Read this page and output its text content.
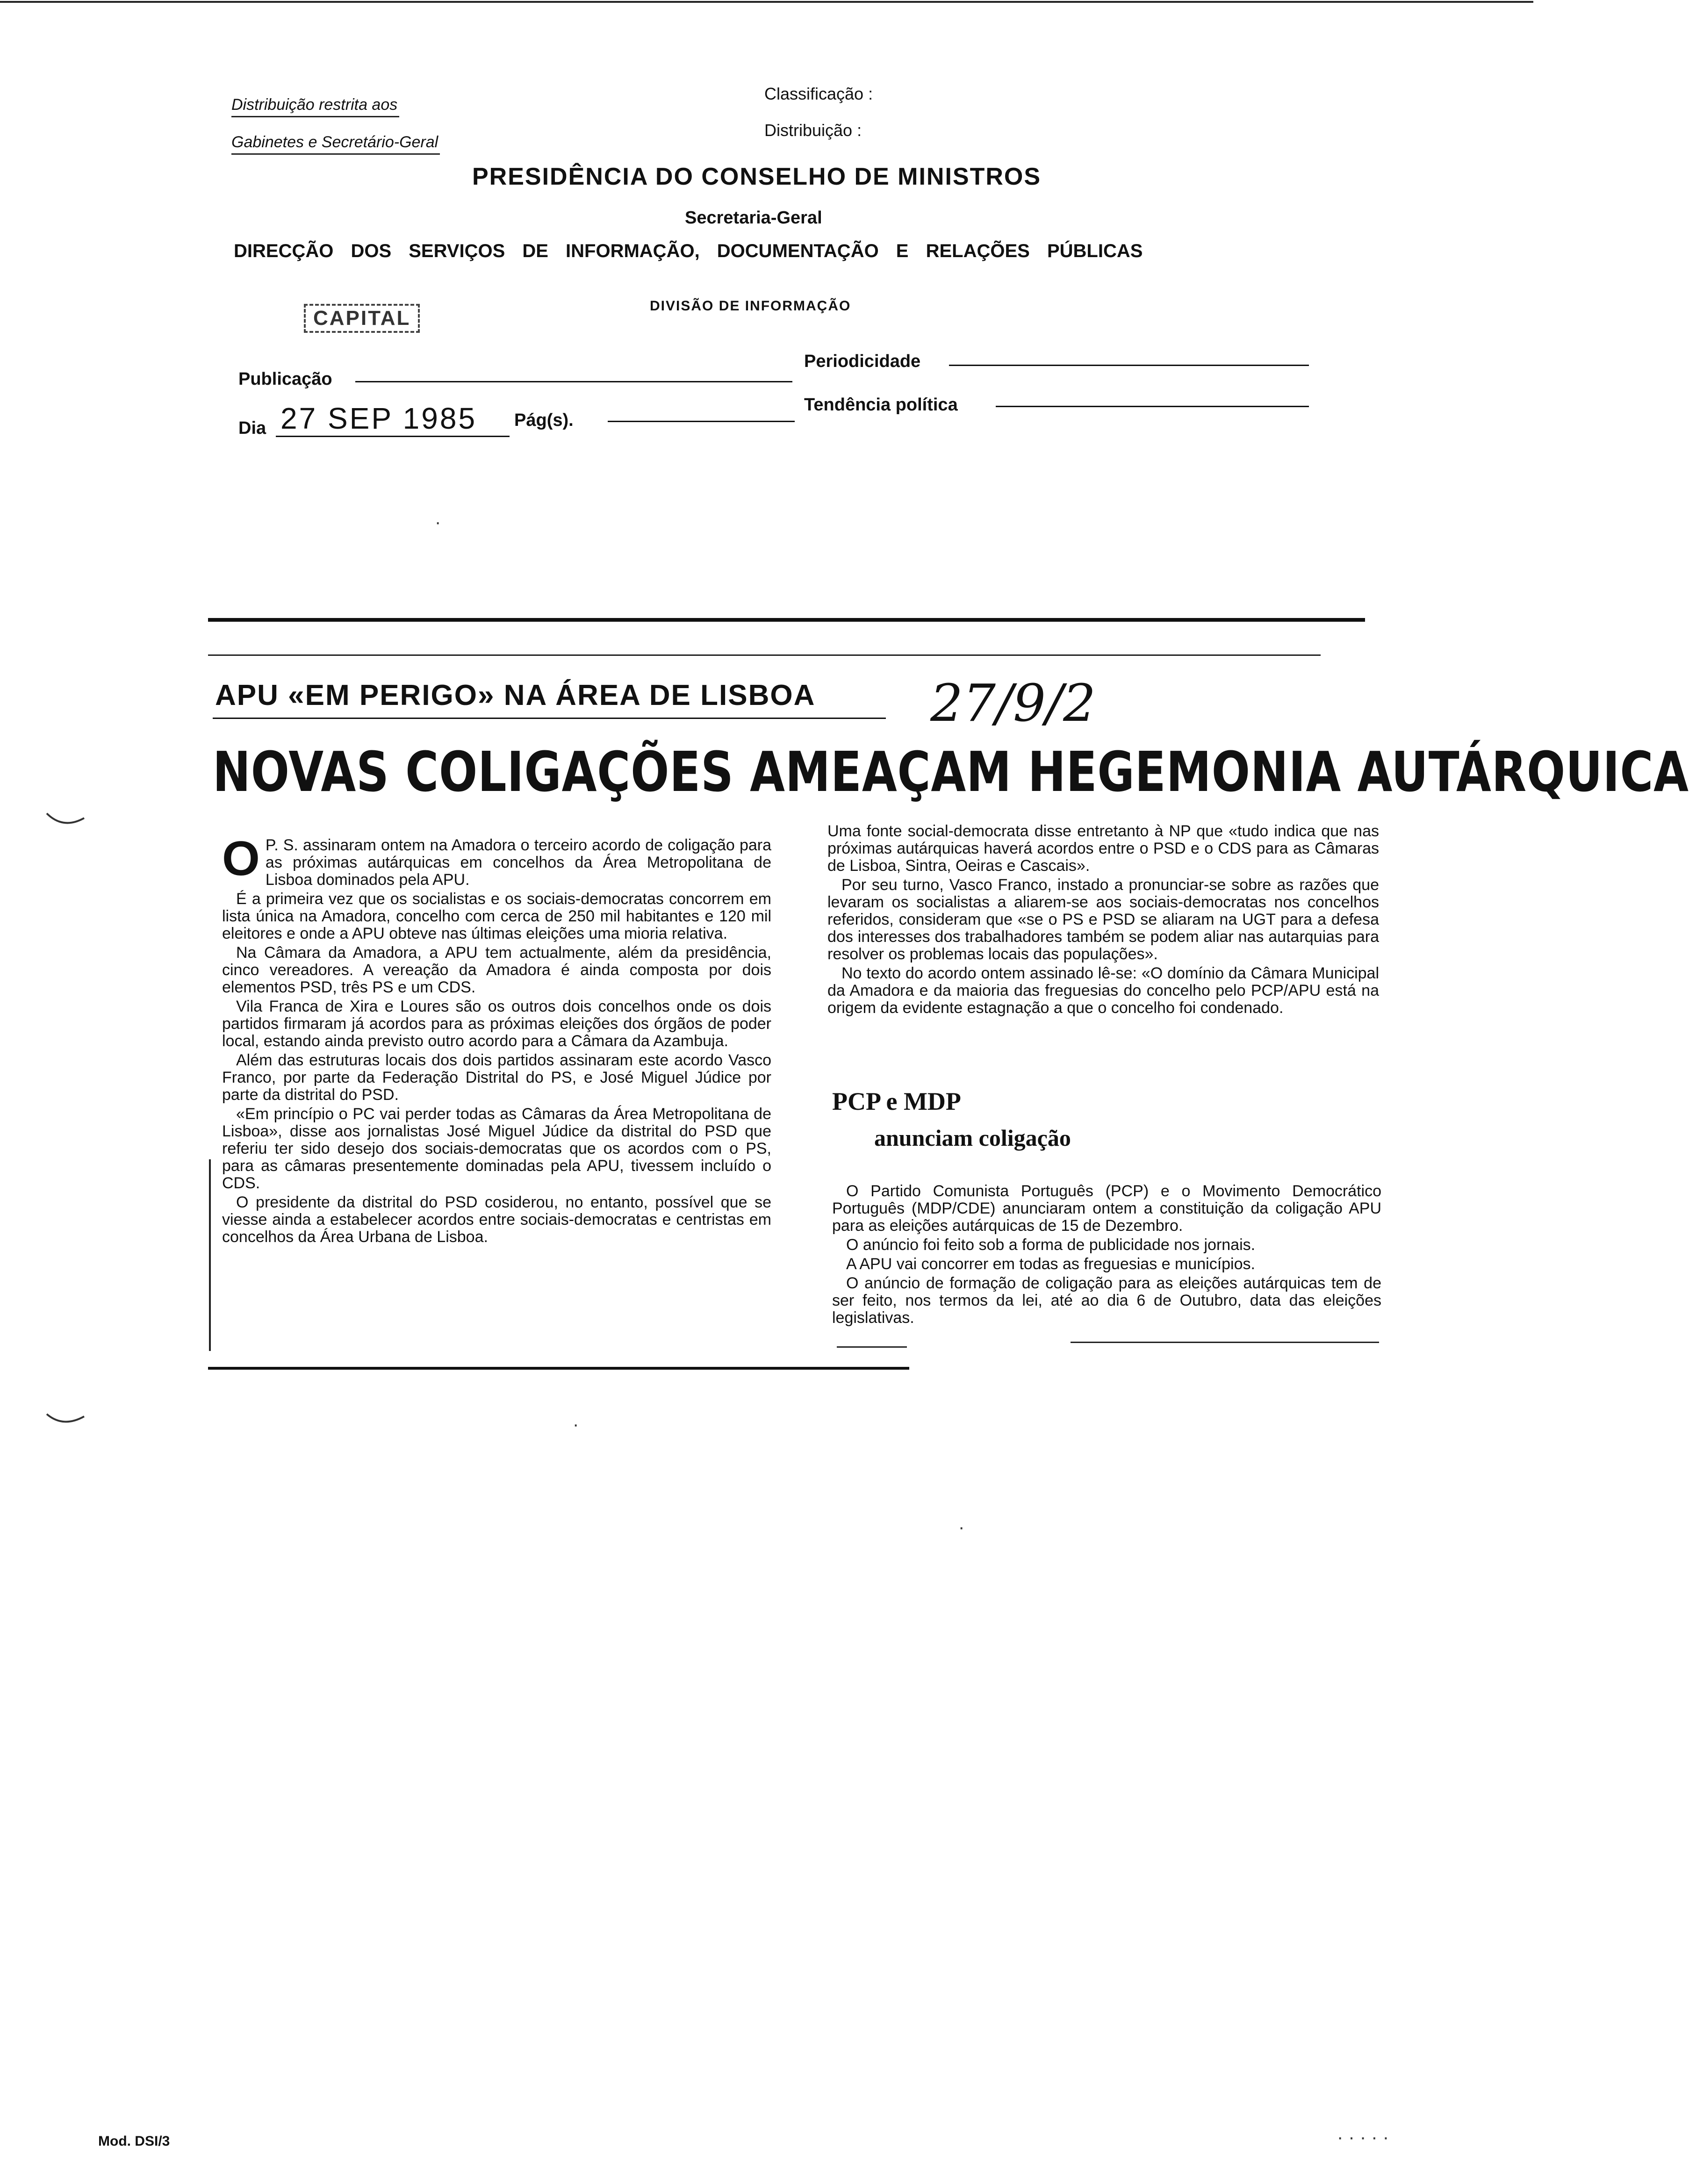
Distribuição restrita aos
Gabinetes e Secretário-Geral
Classificação :
Distribuição :
PRESIDÊNCIA DO CONSELHO DE MINISTROS
Secretaria-Geral
DIRECÇÃO DOS SERVIÇOS DE INFORMAÇÃO, DOCUMENTAÇÃO E RELAÇÕES PÚBLICAS
CAPITAL
DIVISÃO DE INFORMAÇÃO
Publicação
Periodicidade
Dia 27 SEP 1985 Pág(s).
Tendência política
·
APU «EM PERIGO» NA ÁREA DE LISBOA 27/9/2
NOVAS COLIGAÇÕES AMEAÇAM HEGEMONIA AUTÁRQUICA
O P. S. assinaram ontem na Amadora o terceiro acordo de coligação para as próximas autárquicas em concelhos da Área Metropolitana de Lisboa dominados pela APU.

É a primeira vez que os socialistas e os sociais-democratas concorrem em lista única na Amadora, concelho com cerca de 250 mil habitantes e 120 mil eleitores e onde a APU obteve nas últimas eleições uma mioria relativa.

Na Câmara da Amadora, a APU tem actualmente, além da presidência, cinco vereadores. A vereação da Amadora é ainda composta por dois elementos PSD, três PS e um CDS.

Vila Franca de Xira e Loures são os outros dois concelhos onde os dois partidos firmaram já acordos para as próximas eleições dos órgãos de poder local, estando ainda previsto outro acordo para a Câmara da Azambuja.

Além das estruturas locais dos dois partidos assinaram este acordo Vasco Franco, por parte da Federação Distrital do PS, e José Miguel Júdice por parte da distrital do PSD.

«Em princípio o PC vai perder todas as Câmaras da Área Metropolitana de Lisboa», disse aos jornalistas José Miguel Júdice da distrital do PSD que referiu ter sido desejo dos sociais-democratas que os acordos com o PS, para as câmaras presentemente dominadas pela APU, tivessem incluído o CDS.

O presidente da distrital do PSD cosiderou, no entanto, possível que se viesse ainda a estabelecer acordos entre sociais-democratas e centristas em concelhos da Área Urbana de Lisboa.

Uma fonte social-democrata disse entretanto à NP que «tudo indica que nas próximas autárquicas haverá acordos entre o PSD e o CDS para as Câmaras de Lisboa, Sintra, Oeiras e Cascais».

Por seu turno, Vasco Franco, instado a pronunciar-se sobre as razões que levaram os socialistas a aliarem-se aos sociais-democratas nos concelhos referidos, consideram que «se o PS e PSD se aliaram na UGT para a defesa dos interesses dos trabalhadores também se podem aliar nas autarquias para resolver os problemas locais das populações».

No texto do acordo ontem assinado lê-se: «O domínio da Câmara Municipal da Amadora e da maioria das freguesias do concelho pelo PCP/APU está na origem da evidente estagnação a que o concelho foi condenado.

PCP e MDP
anunciam coligação

O Partido Comunista Português (PCP) e o Movimento Democrático Português (MDP/CDE) anunciaram ontem a constituição da coligação APU para as eleições autárquicas de 15 de Dezembro.

O anúncio foi feito sob a forma de publicidade nos jornais.

A APU vai concorrer em todas as freguesias e municípios.

O anúncio de formação de coligação para as eleições autárquicas tem de ser feito, nos termos da lei, até ao dia 6 de Outubro, data das eleições legislativas.

·
·
Mod. DSI/3	· · · · ·
